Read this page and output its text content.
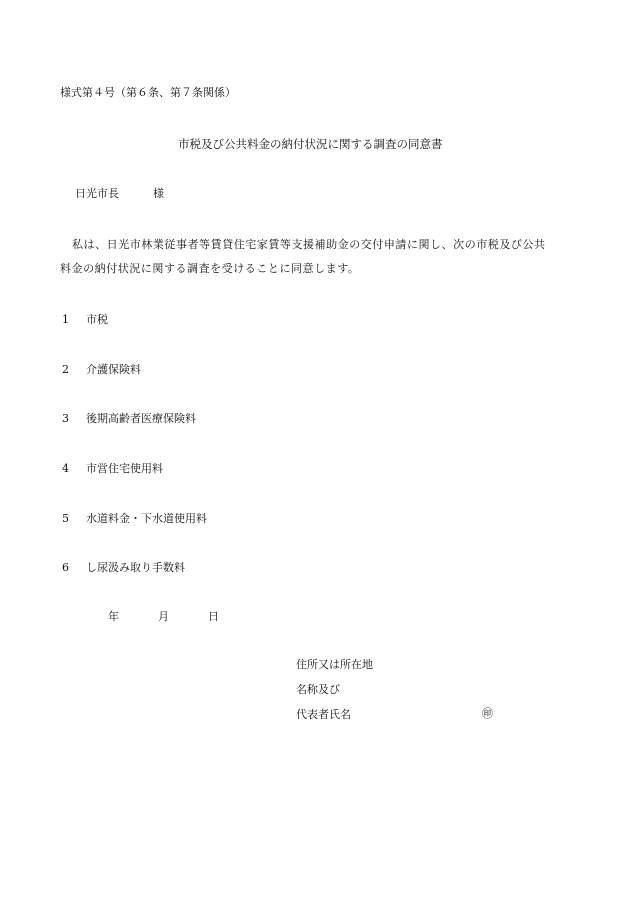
様式第４号（第６条、第７条関係）
市税及び公共料金の納付状況に関する調査の同意書
日光市長	様
私は、日光市林業従事者等賃貸住宅家賃等支援補助金の交付申請に関し、次の市税及び公共料金の納付状況に関する調査を受けることに同意します。
1 市税
2 介護保険料
3 後期高齢者医療保険料
4 市営住宅使用料
5 水道料金・下水道使用料
6 し尿汲み取り手数料
年	月	日
住所又は所在地
名称及び
代表者氏名	㊞
